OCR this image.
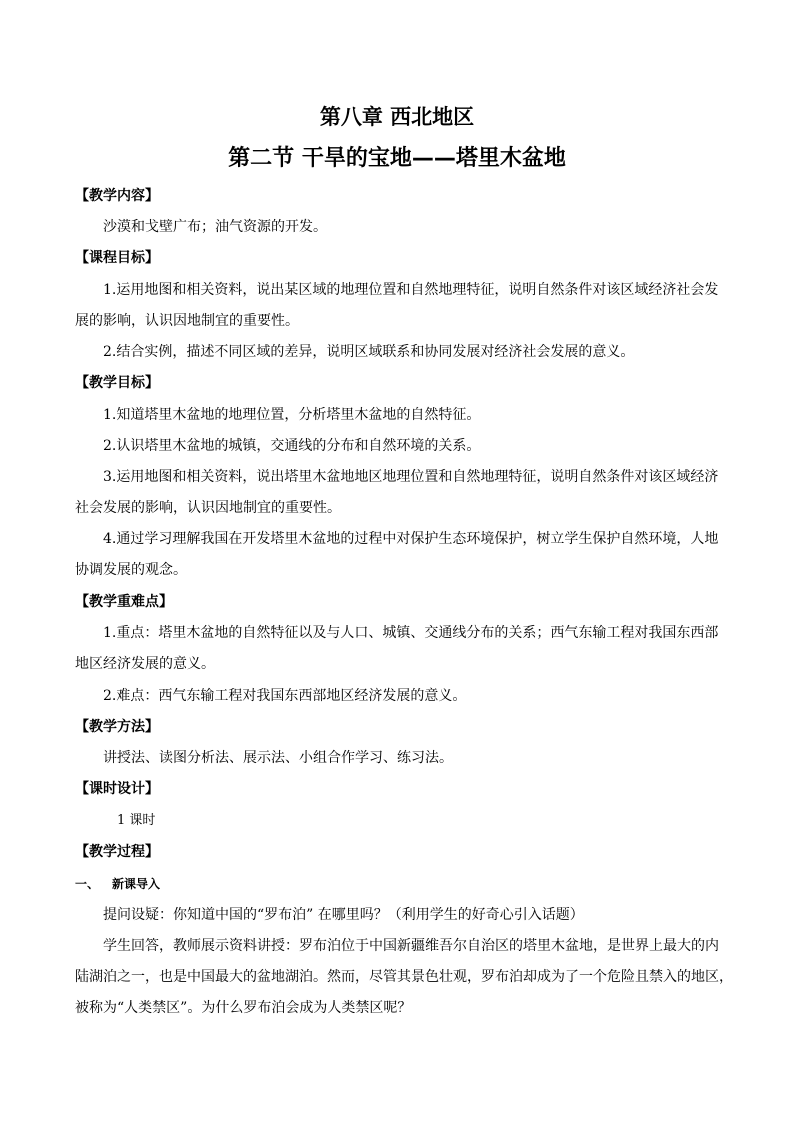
第八章 西北地区
第二节 干旱的宝地——塔里木盆地
【教学内容】
沙漠和戈壁广布；油气资源的开发。
【课程目标】
1.运用地图和相关资料，说出某区域的地理位置和自然地理特征，说明自然条件对该区域经济社会发
展的影响，认识因地制宜的重要性。
2.结合实例，描述不同区域的差异，说明区域联系和协同发展对经济社会发展的意义。
【教学目标】
1.知道塔里木盆地的地理位置，分析塔里木盆地的自然特征。
2.认识塔里木盆地的城镇，交通线的分布和自然环境的关系。
3.运用地图和相关资料，说出塔里木盆地地区地理位置和自然地理特征，说明自然条件对该区域经济
社会发展的影响，认识因地制宜的重要性。
4.通过学习理解我国在开发塔里木盆地的过程中对保护生态环境保护，树立学生保护自然环境，人地
协调发展的观念。
【教学重难点】
1.重点：塔里木盆地的自然特征以及与人口、城镇、交通线分布的关系；西气东输工程对我国东西部
地区经济发展的意义。
2.难点：西气东输工程对我国东西部地区经济发展的意义。
【教学方法】
讲授法、读图分析法、展示法、小组合作学习、练习法。
【课时设计】
1 课时
【教学过程】
一、	新课导入
提问设疑：你知道中国的“罗布泊” 在哪里吗？（利用学生的好奇心引入话题）
学生回答，教师展示资料讲授：罗布泊位于中国新疆维吾尔自治区的塔里木盆地，是世界上最大的内
陆湖泊之一，也是中国最大的盆地湖泊。然而，尽管其景色壮观，罗布泊却成为了一个危险且禁入的地区，
被称为“人类禁区”。为什么罗布泊会成为人类禁区呢？
